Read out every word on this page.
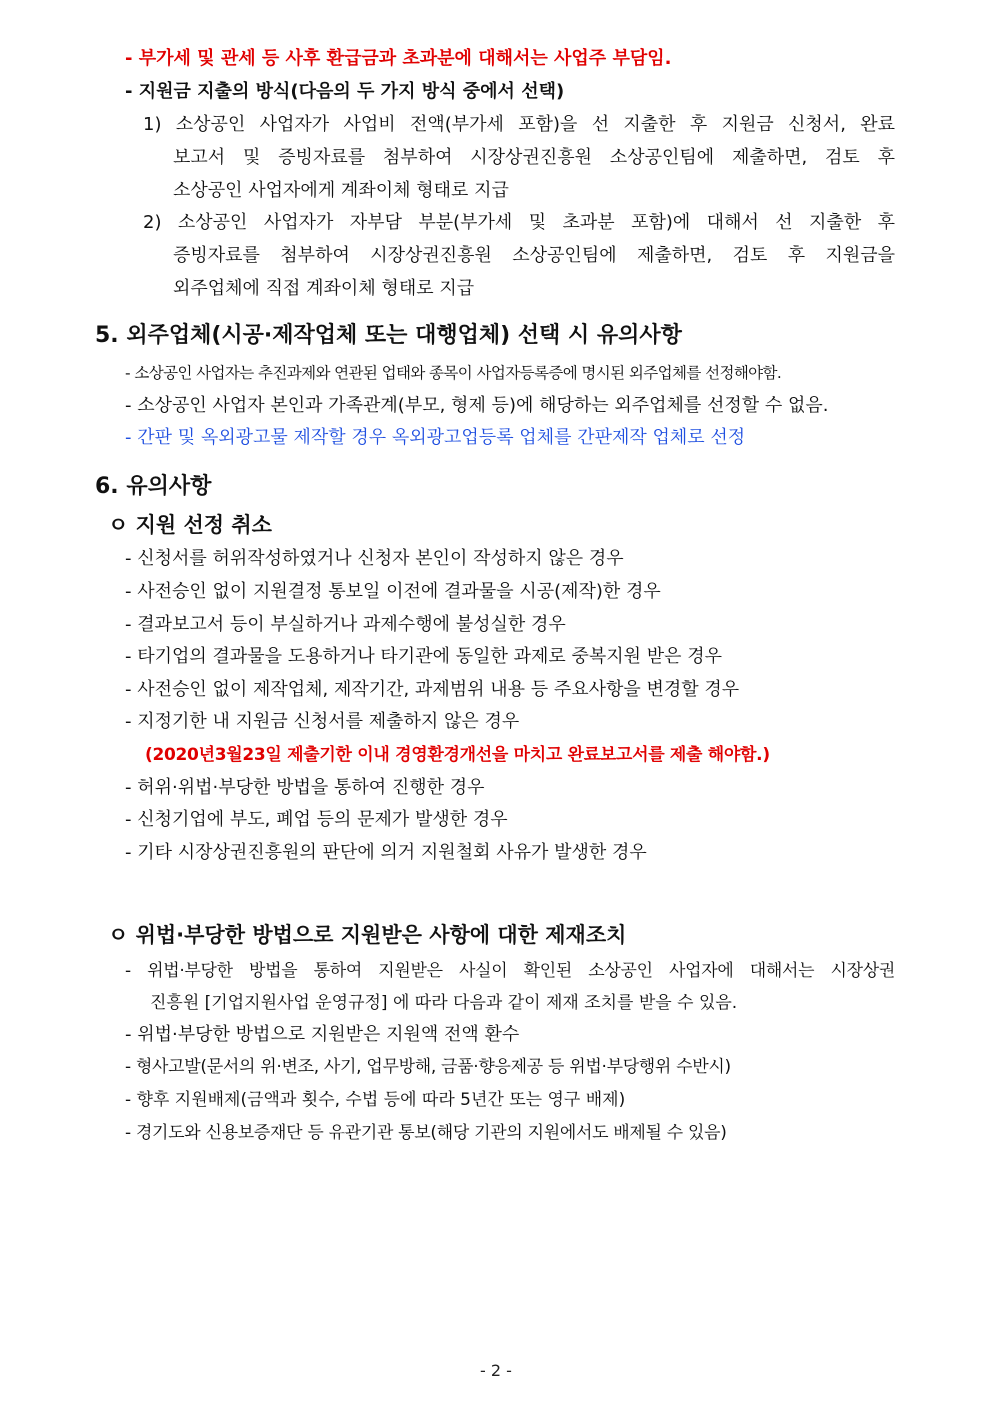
- 부가세 및 관세 등 사후 환급금과 초과분에 대해서는 사업주 부담임.
- 지원금 지출의 방식(다음의 두 가지 방식 중에서 선택)
1) 소상공인 사업자가 사업비 전액(부가세 포함)을 선 지출한 후 지원금 신청서, 완료
보고서 및 증빙자료를 첨부하여 시장상권진흥원 소상공인팀에 제출하면, 검토 후
소상공인 사업자에게 계좌이체 형태로 지급
2) 소상공인 사업자가 자부담 부분(부가세 및 초과분 포함)에 대해서 선 지출한 후
증빙자료를 첨부하여 시장상권진흥원 소상공인팀에 제출하면, 검토 후 지원금을
외주업체에 직접 계좌이체 형태로 지급
5. 외주업체(시공·제작업체 또는 대행업체) 선택 시 유의사항
- 소상공인 사업자는 추진과제와 연관된 업태와 종목이 사업자등록증에 명시된 외주업체를 선정해야함.
- 소상공인 사업자 본인과 가족관계(부모, 형제 등)에 해당하는 외주업체를 선정할 수 없음.
- 간판 및 옥외광고물 제작할 경우 옥외광고업등록 업체를 간판제작 업체로 선정
6. 유의사항
ㅇ 지원 선정 취소
- 신청서를 허위작성하였거나 신청자 본인이 작성하지 않은 경우
- 사전승인 없이 지원결정 통보일 이전에 결과물을 시공(제작)한 경우
- 결과보고서 등이 부실하거나 과제수행에 불성실한 경우
- 타기업의 결과물을 도용하거나 타기관에 동일한 과제로 중복지원 받은 경우
- 사전승인 없이 제작업체, 제작기간, 과제범위 내용 등 주요사항을 변경할 경우
- 지정기한 내 지원금 신청서를 제출하지 않은 경우
(2020년3월23일 제출기한 이내 경영환경개선을 마치고 완료보고서를 제출 해야함.)
- 허위·위법·부당한 방법을 통하여 진행한 경우
- 신청기업에 부도, 폐업 등의 문제가 발생한 경우
- 기타 시장상권진흥원의 판단에 의거 지원철회 사유가 발생한 경우
ㅇ 위법·부당한 방법으로 지원받은 사항에 대한 제재조치
- 위법·부당한 방법을 통하여 지원받은 사실이 확인된 소상공인 사업자에 대해서는 시장상권
진흥원 [기업지원사업 운영규정] 에 따라 다음과 같이 제재 조치를 받을 수 있음.
- 위법·부당한 방법으로 지원받은 지원액 전액 환수
- 형사고발(문서의 위·변조, 사기, 업무방해, 금품·향응제공 등 위법·부당행위 수반시)
- 향후 지원배제(금액과 횟수, 수법 등에 따라 5년간 또는 영구 배제)
- 경기도와 신용보증재단 등 유관기관 통보(해당 기관의 지원에서도 배제될 수 있음)
- 2 -
